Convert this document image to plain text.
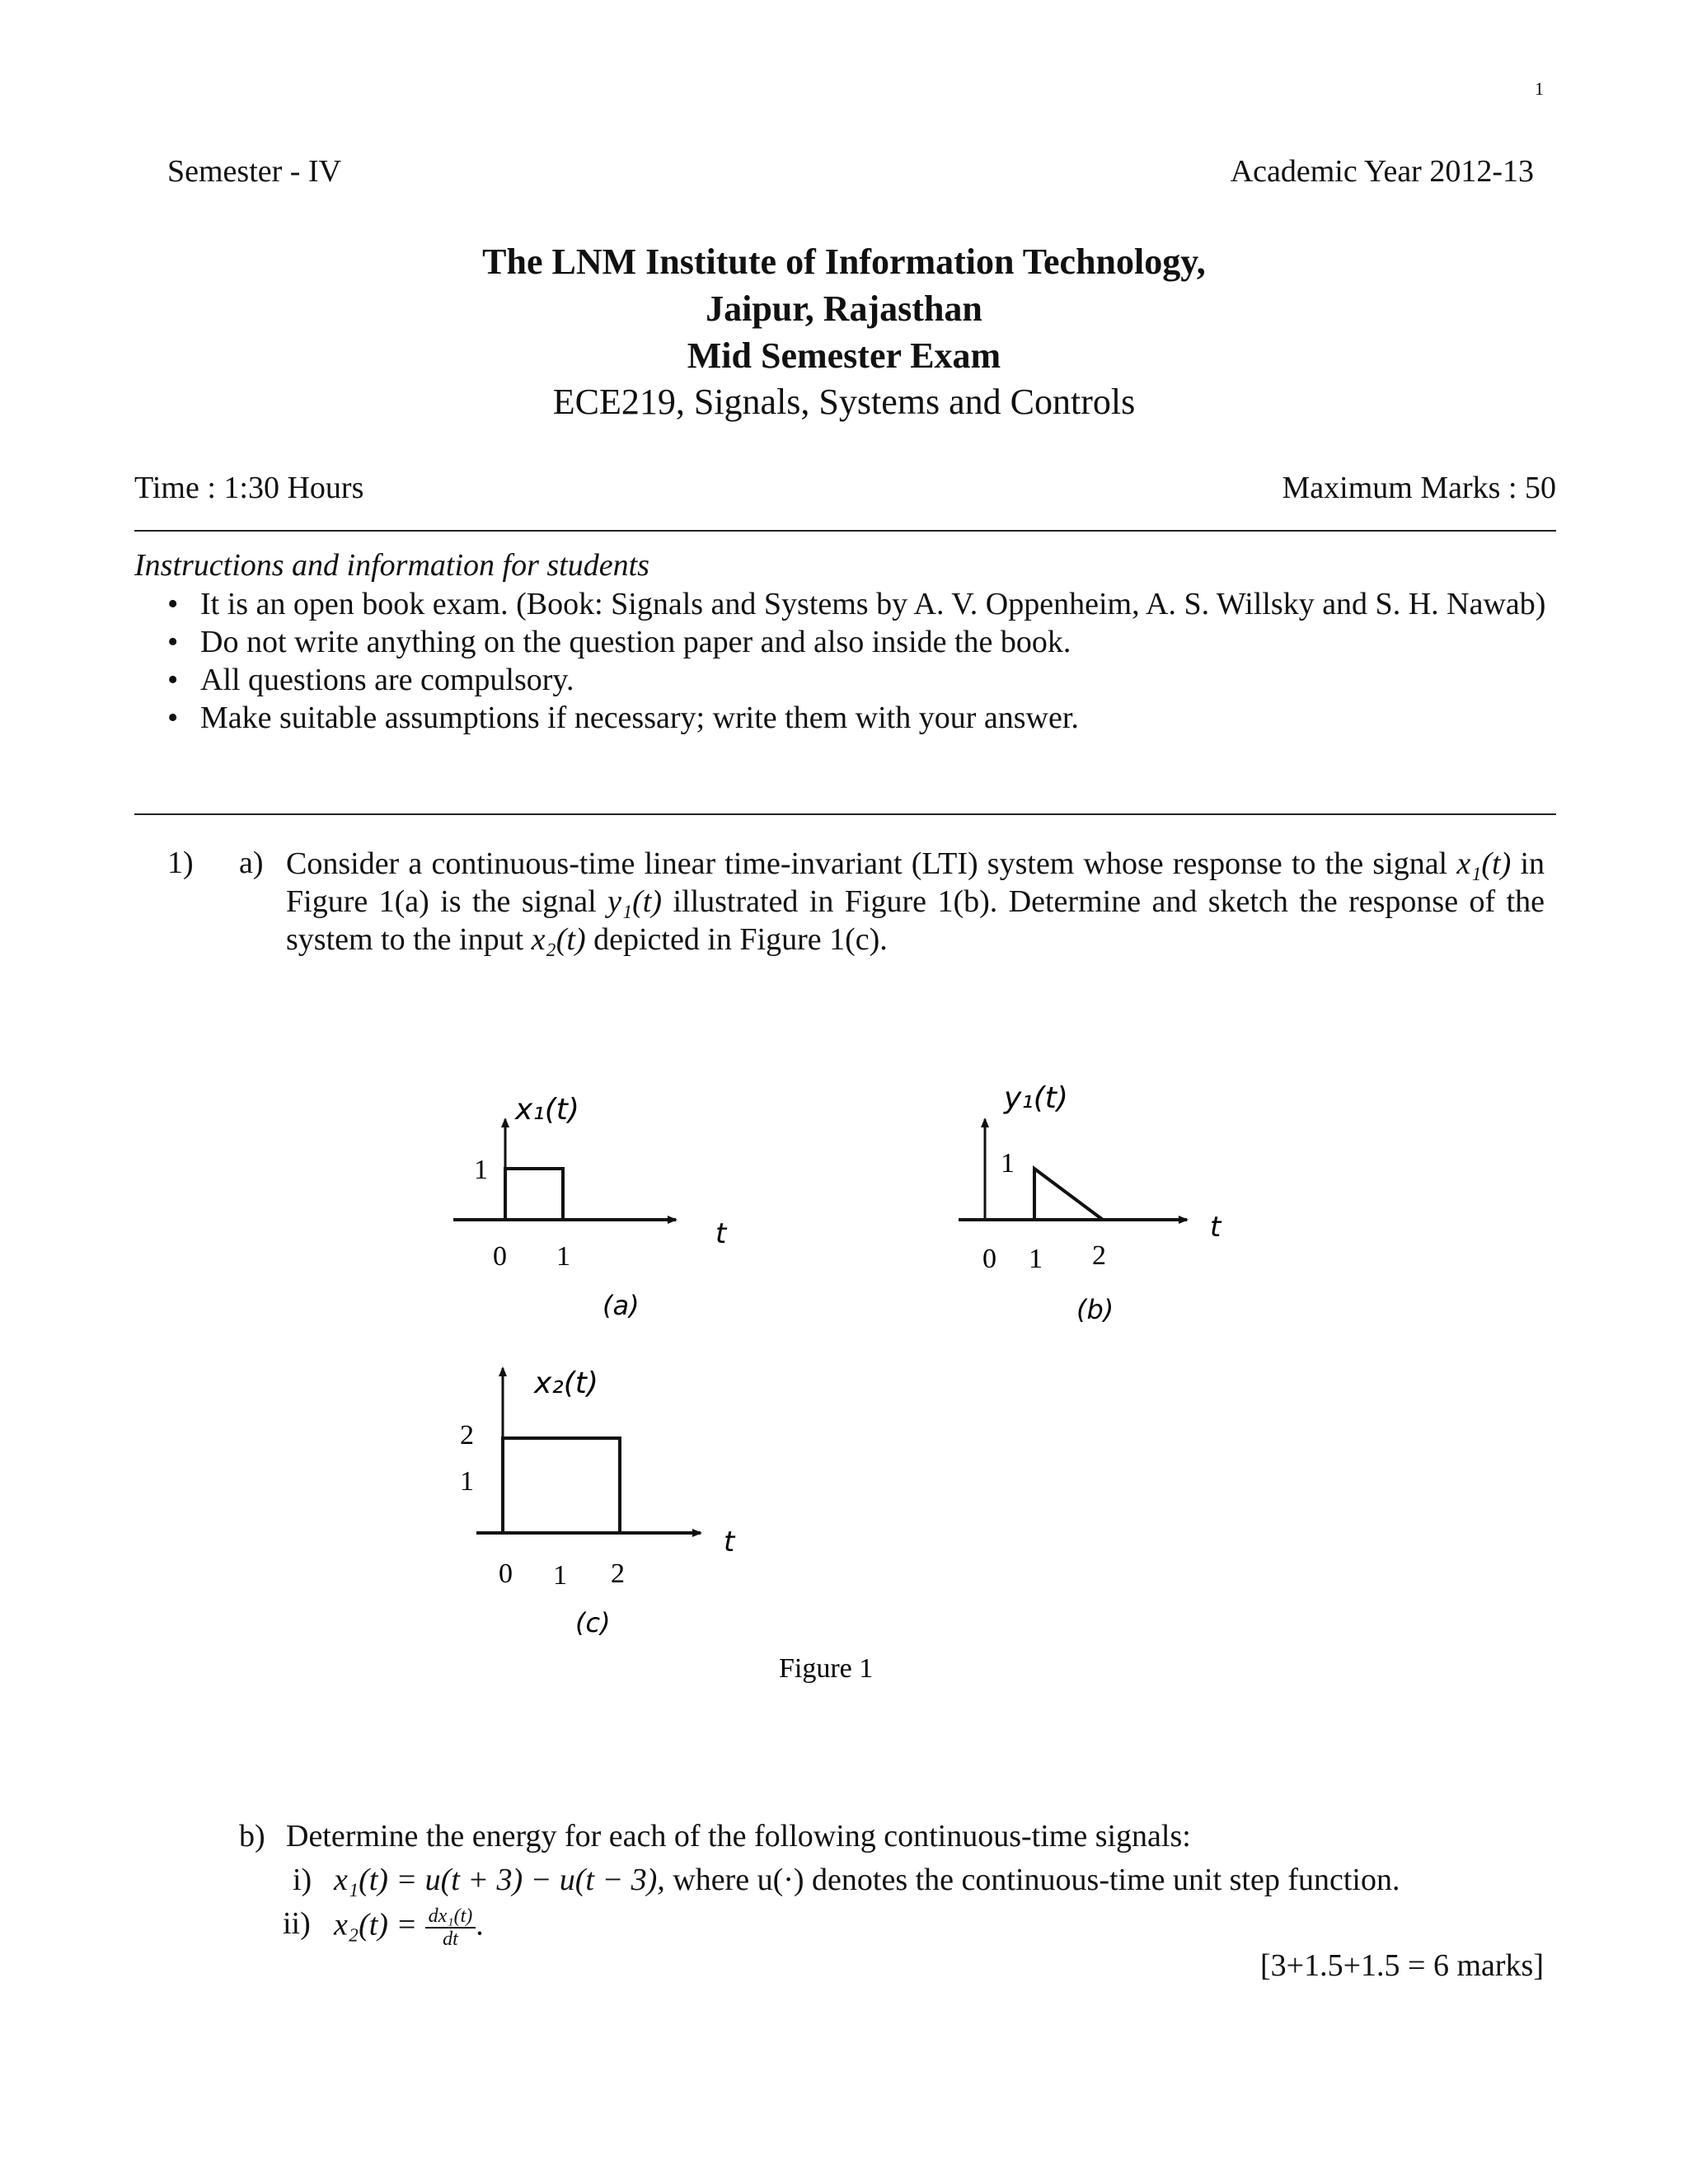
1
Semester - IV	Academic Year 2012-13
The LNM Institute of Information Technology,
Jaipur, Rajasthan
Mid Semester Exam
ECE219, Signals, Systems and Controls
Time : 1:30 Hours	Maximum Marks : 50
Instructions and information for students
• It is an open book exam. (Book: Signals and Systems by A. V. Oppenheim, A. S. Willsky and S. H. Nawab)
• Do not write anything on the question paper and also inside the book.
• All questions are compulsory.
• Make suitable assumptions if necessary; write them with your answer.
1) a) Consider a continuous-time linear time-invariant (LTI) system whose response to the signal x₁(t) in Figure 1(a) is the signal y₁(t) illustrated in Figure 1(b). Determine and sketch the response of the system to the input x₂(t) depicted in Figure 1(c).
x₁(t)
t
1
0 1
(a)
y₁(t)
t
1
0 1 2
(b)
x₂(t)
t
2
1
0 1 2
(c)
Figure 1
b) Determine the energy for each of the following continuous-time signals:
i) x₁(t) = u(t + 3) − u(t − 3), where u(·) denotes the continuous-time unit step function.
ii) $x_2(t) = \frac{\text{dx₁(t)}}{dt}$ .
[3+1.5+1.5 = 6 marks]
